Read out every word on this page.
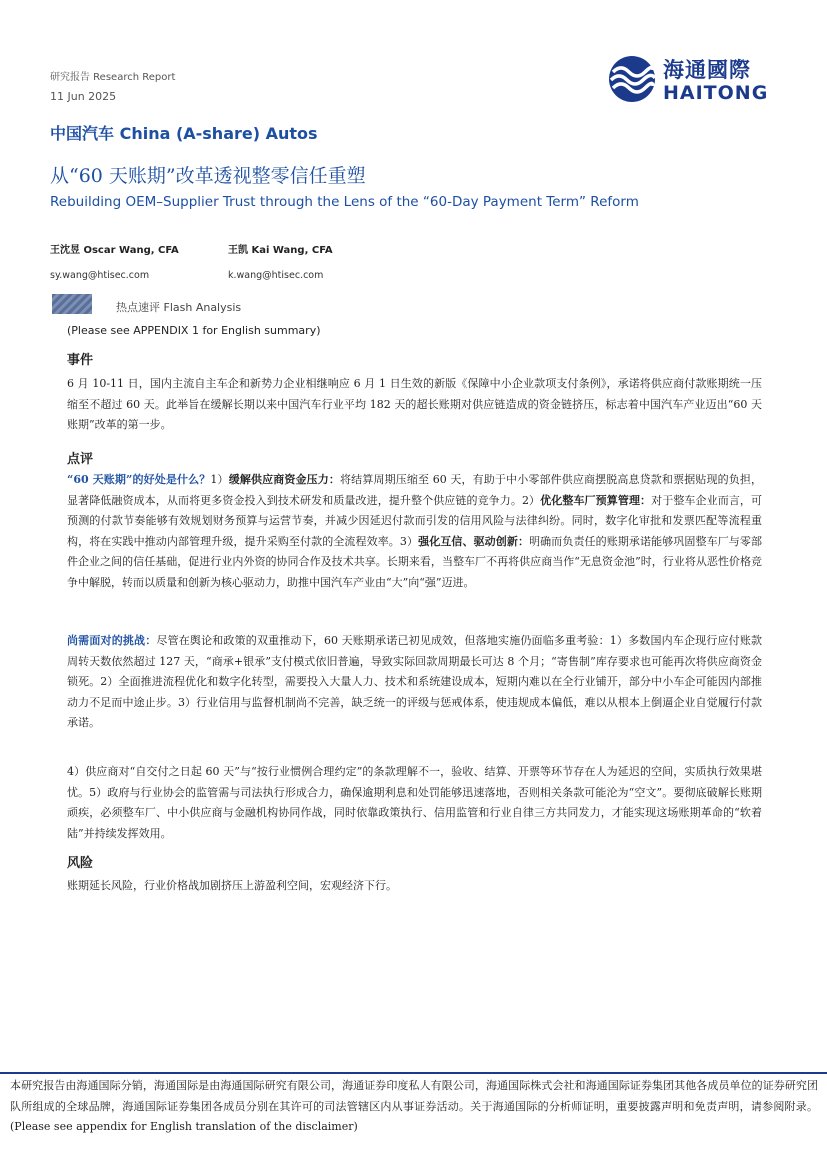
研究报告 Research Report
11 Jun 2025
海通國際
HAITONG
中国汽车 China (A-share) Autos
从“60 天账期”改革透视整零信任重塑
Rebuilding OEM–Supplier Trust through the Lens of the “60-Day Payment Term” Reform
王沈昱 Oscar Wang, CFA
sy.wang@htisec.com
王凯 Kai Wang, CFA
k.wang@htisec.com
热点速评 Flash Analysis
(Please see APPENDIX 1 for English summary)
事件
6 月 10-11 日，国内主流自主车企和新势力企业相继响应 6 月 1 日生效的新版《保障中小企业款项支付条例》，承诺将供应商付款账期统一压缩至不超过 60 天。此举旨在缓解长期以来中国汽车行业平均 182 天的超长账期对供应链造成的资金链挤压，标志着中国汽车产业迈出“60 天账期”改革的第一步。
点评
“60 天账期”的好处是什么？1）缓解供应商资金压力：将结算周期压缩至 60 天，有助于中小零部件供应商摆脱高息贷款和票据贴现的负担，显著降低融资成本，从而将更多资金投入到技术研发和质量改进，提升整个供应链的竞争力。2）优化整车厂预算管理：对于整车企业而言，可预测的付款节奏能够有效规划财务预算与运营节奏，并减少因延迟付款而引发的信用风险与法律纠纷。同时，数字化审批和发票匹配等流程重构，将在实践中推动内部管理升级，提升采购至付款的全流程效率。3）强化互信、驱动创新：明确而负责任的账期承诺能够巩固整车厂与零部件企业之间的信任基础，促进行业内外资的协同合作及技术共享。长期来看，当整车厂不再将供应商当作“无息资金池”时，行业将从恶性价格竞争中解脱，转而以质量和创新为核心驱动力，助推中国汽车产业由“大”向“强”迈进。
尚需面对的挑战：尽管在舆论和政策的双重推动下，60 天账期承诺已初见成效，但落地实施仍面临多重考验：1）多数国内车企现行应付账款周转天数依然超过 127 天，“商承+银承”支付模式依旧普遍，导致实际回款周期最长可达 8 个月；“寄售制”库存要求也可能再次将供应商资金锁死。2）全面推进流程优化和数字化转型，需要投入大量人力、技术和系统建设成本，短期内难以在全行业铺开，部分中小车企可能因内部推动力不足而中途止步。3）行业信用与监督机制尚不完善，缺乏统一的评级与惩戒体系，使违规成本偏低，难以从根本上倒逼企业自觉履行付款承诺。
4）供应商对“自交付之日起 60 天”与“按行业惯例合理约定”的条款理解不一，验收、结算、开票等环节存在人为延迟的空间，实质执行效果堪忧。5）政府与行业协会的监管需与司法执行形成合力，确保逾期利息和处罚能够迅速落地，否则相关条款可能沦为“空文”。要彻底破解长账期顽疾，必须整车厂、中小供应商与金融机构协同作战，同时依靠政策执行、信用监管和行业自律三方共同发力，才能实现这场账期革命的“软着陆”并持续发挥效用。
风险
账期延长风险，行业价格战加剧挤压上游盈利空间，宏观经济下行。
本研究报告由海通国际分销，海通国际是由海通国际研究有限公司，海通证券印度私人有限公司，海通国际株式会社和海通国际证券集团其他各成员单位的证券研究团队所组成的全球品牌，海通国际证券集团各成员分别在其许可的司法管辖区内从事证券活动。关于海通国际的分析师证明，重要披露声明和免责声明，请参阅附录。(Please see appendix for English translation of the disclaimer)
